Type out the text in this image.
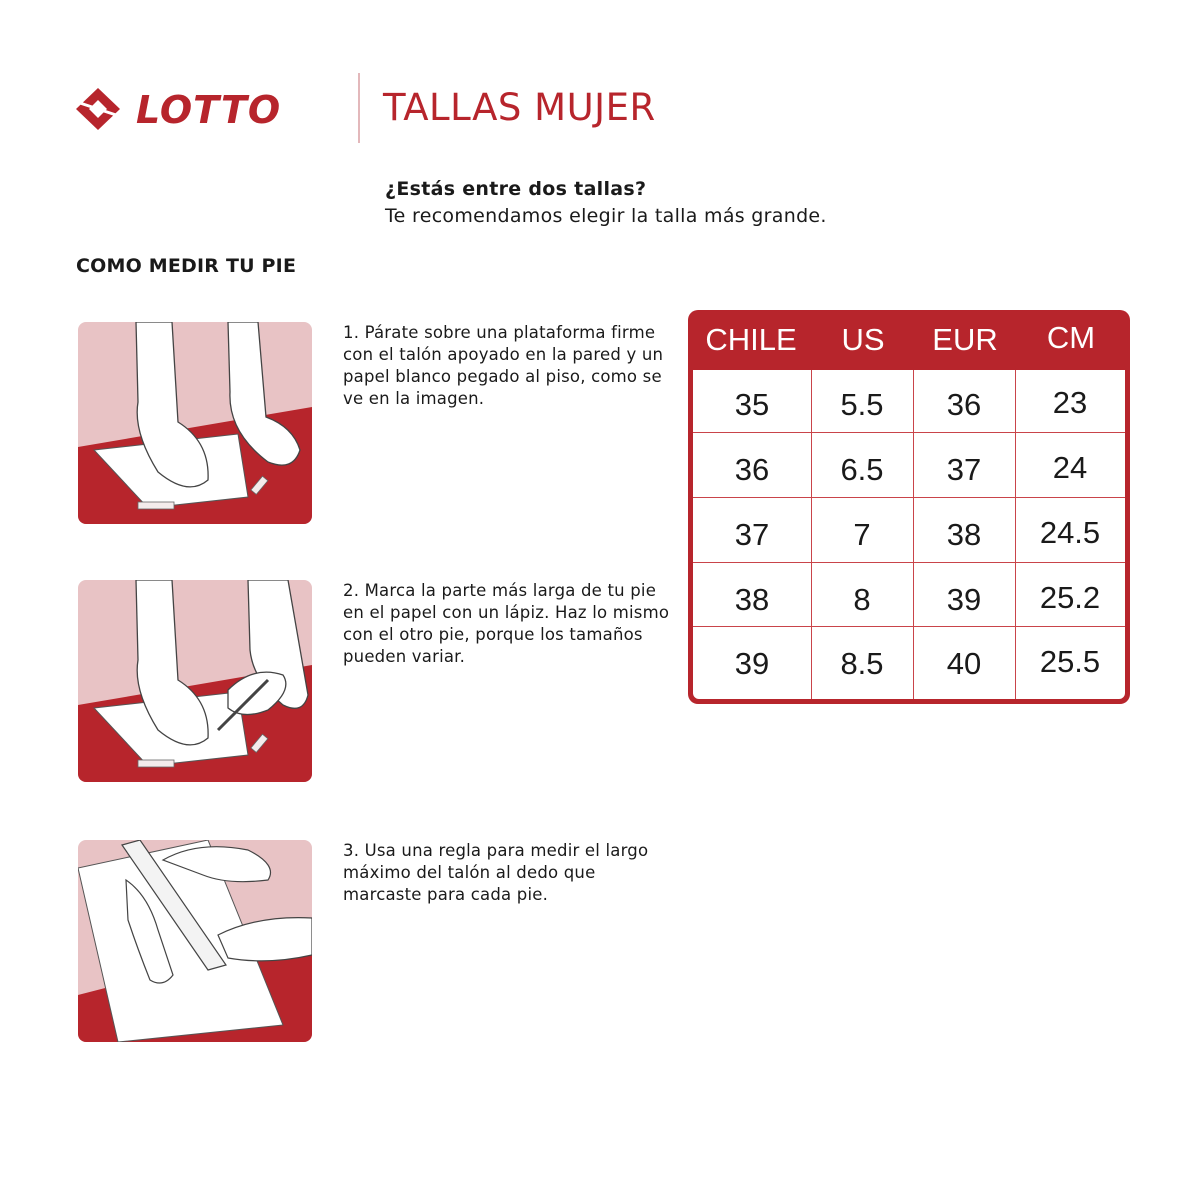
LOTTO	TALLAS MUJER
¿Estás entre dos tallas?
Te recomendamos elegir la talla más grande.
COMO MEDIR TU PIE
1. Párate sobre una plataforma firme con el talón apoyado en la pared y un papel blanco pegado al piso, como se ve en la imagen.
2. Marca la parte más larga de tu pie en el papel con un lápiz. Haz lo mismo con el otro pie, porque los tamaños pueden variar.
3. Usa una regla para medir el largo máximo del talón al dedo que marcaste para cada pie.
CHILE	US	EUR	CM
35	5.5	36	23
36	6.5	37	24
37	7	38	24.5
38	8	39	25.2
39	8.5	40	25.5
